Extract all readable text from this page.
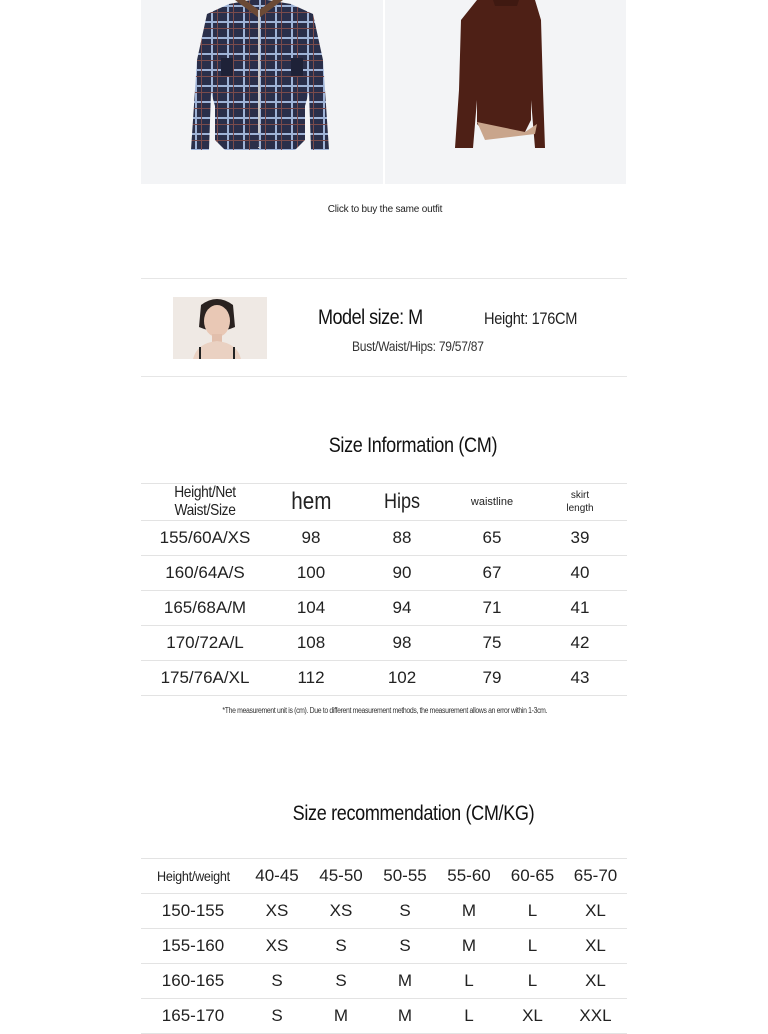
Click to buy the same outfit
Model size: M	Height: 176CM
Bust/Waist/Hips: 79/57/87
Size Information (CM)
Height/Net Waist/Size	hem	Hips	waistline	skirt
length
155/60A/XS	98	88	65	39
160/64A/S	100	90	67	40
165/68A/M	104	94	71	41
170/72A/L	108	98	75	42
175/76A/XL	112	102	79	43
*The measurement unit is (cm). Due to different measurement methods, the measurement allows an error within 1-3cm.
Size recommendation (CM/KG)
Height/weight	40-45	45-50	50-55	55-60	60-65	65-70
150-155	XS	XS	S	M	L	XL
155-160	XS	S	S	M	L	XL
160-165	S	S	M	L	L	XL
165-170	S	M	M	L	XL	XXL
